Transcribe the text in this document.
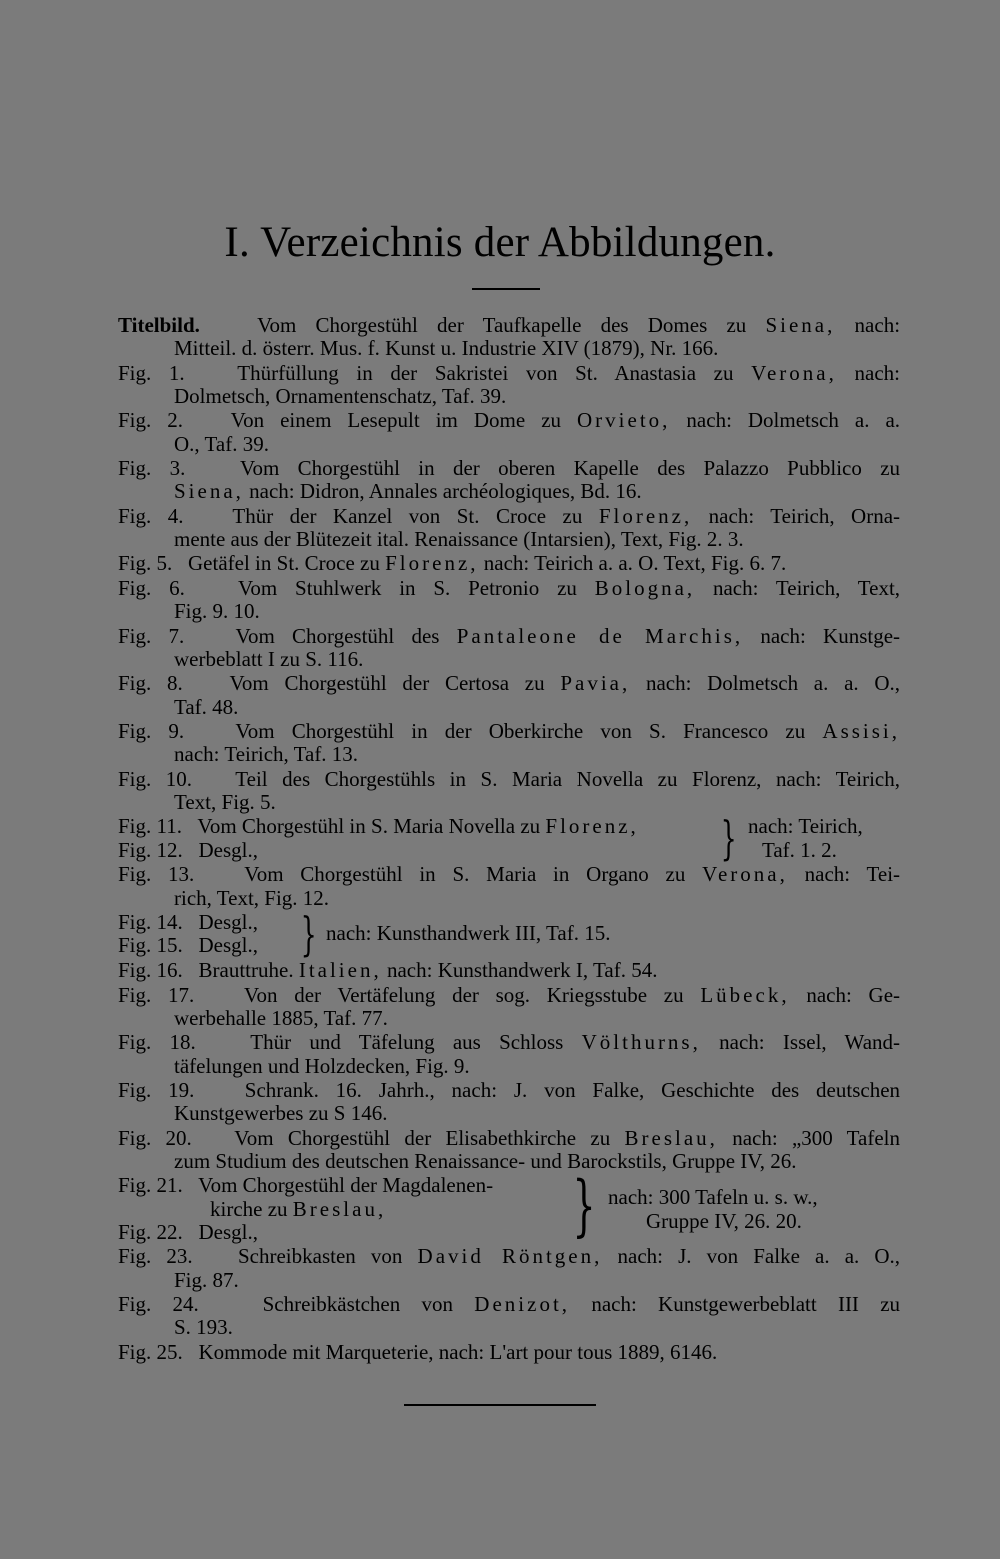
I. Verzeichnis der Abbildungen.
Titelbild.	Vom Chorgestühl der Taufkapelle des Domes zu Siena, nach:
Mitteil. d. österr. Mus. f. Kunst u. Industrie XIV (1879), Nr. 166.
Fig. 1.	Thürfüllung in der Sakristei von St. Anastasia zu Verona, nach:
Dolmetsch, Ornamentenschatz, Taf. 39.
Fig. 2. Von einem Lesepult im Dome zu Orvieto, nach: Dolmetsch a. a.
O., Taf. 39.
Fig. 3.	Vom Chorgestühl in der oberen Kapelle des Palazzo Pubblico zu
Siena, nach: Didron, Annales archéologiques, Bd. 16.
Fig. 4. Thür der Kanzel von St. Croce zu Florenz, nach: Teirich, Orna-
mente aus der Blütezeit ital. Renaissance (Intarsien), Text, Fig. 2. 3.
Fig. 5. Getäfel in St. Croce zu Florenz, nach: Teirich a. a. O. Text, Fig. 6. 7.
Fig. 6.	Vom Stuhlwerk in S. Petronio zu Bologna, nach: Teirich, Text,
Fig. 9. 10.
Fig. 7. Vom Chorgestühl des Pantaleone de Marchis, nach: Kunstge-
werbeblatt I zu S. 116.
Fig. 8. Vom Chorgestühl der Certosa zu Pavia, nach: Dolmetsch a. a. O.,
Taf. 48.
Fig. 9. Vom Chorgestühl in der Oberkirche von S. Francesco zu Assisi,
nach: Teirich, Taf. 13.
Fig. 10. Teil des Chorgestühls in S. Maria Novella zu Florenz, nach: Teirich,
Text, Fig. 5.
Fig. 11. Vom Chorgestühl in S. Maria Novella zu Florenz,
Fig. 12. Desgl.,	} nach: Teirich,
Taf. 1. 2.
Fig. 13. Vom Chorgestühl in S. Maria in Organo zu Verona, nach: Tei-
rich, Text, Fig. 12.
Fig. 14. Desgl.,
Fig. 15. Desgl., } nach: Kunsthandwerk III, Taf. 15.
Fig. 16. Brauttruhe. Italien, nach: Kunsthandwerk I, Taf. 54.
Fig. 17. Von der Vertäfelung der sog. Kriegsstube zu Lübeck, nach: Ge-
werbehalle 1885, Taf. 77.
Fig. 18.	Thür und Täfelung aus Schloss Völthurns, nach: Issel, Wand-
täfelungen und Holzdecken, Fig. 9.
Fig. 19. Schrank. 16. Jahrh., nach: J. von Falke, Geschichte des deutschen
Kunstgewerbes zu S 146.
Fig. 20. Vom Chorgestühl der Elisabethkirche zu Breslau, nach: „300 Tafeln
zum Studium des deutschen Renaissance- und Barockstils, Gruppe IV, 26.
Fig. 21. Vom Chorgestühl der Magdalenen-
kirche zu Breslau,
Fig. 22. Desgl.,	} nach: 300 Tafeln u. s. w.,
Gruppe IV, 26. 20.
Fig. 23. Schreibkasten von David Röntgen, nach: J. von Falke a. a. O.,
Fig. 87.
Fig. 24.	Schreibkästchen von Denizot, nach: Kunstgewerbeblatt III zu
S. 193.
Fig. 25. Kommode mit Marqueterie, nach: L'art pour tous 1889, 6146.
